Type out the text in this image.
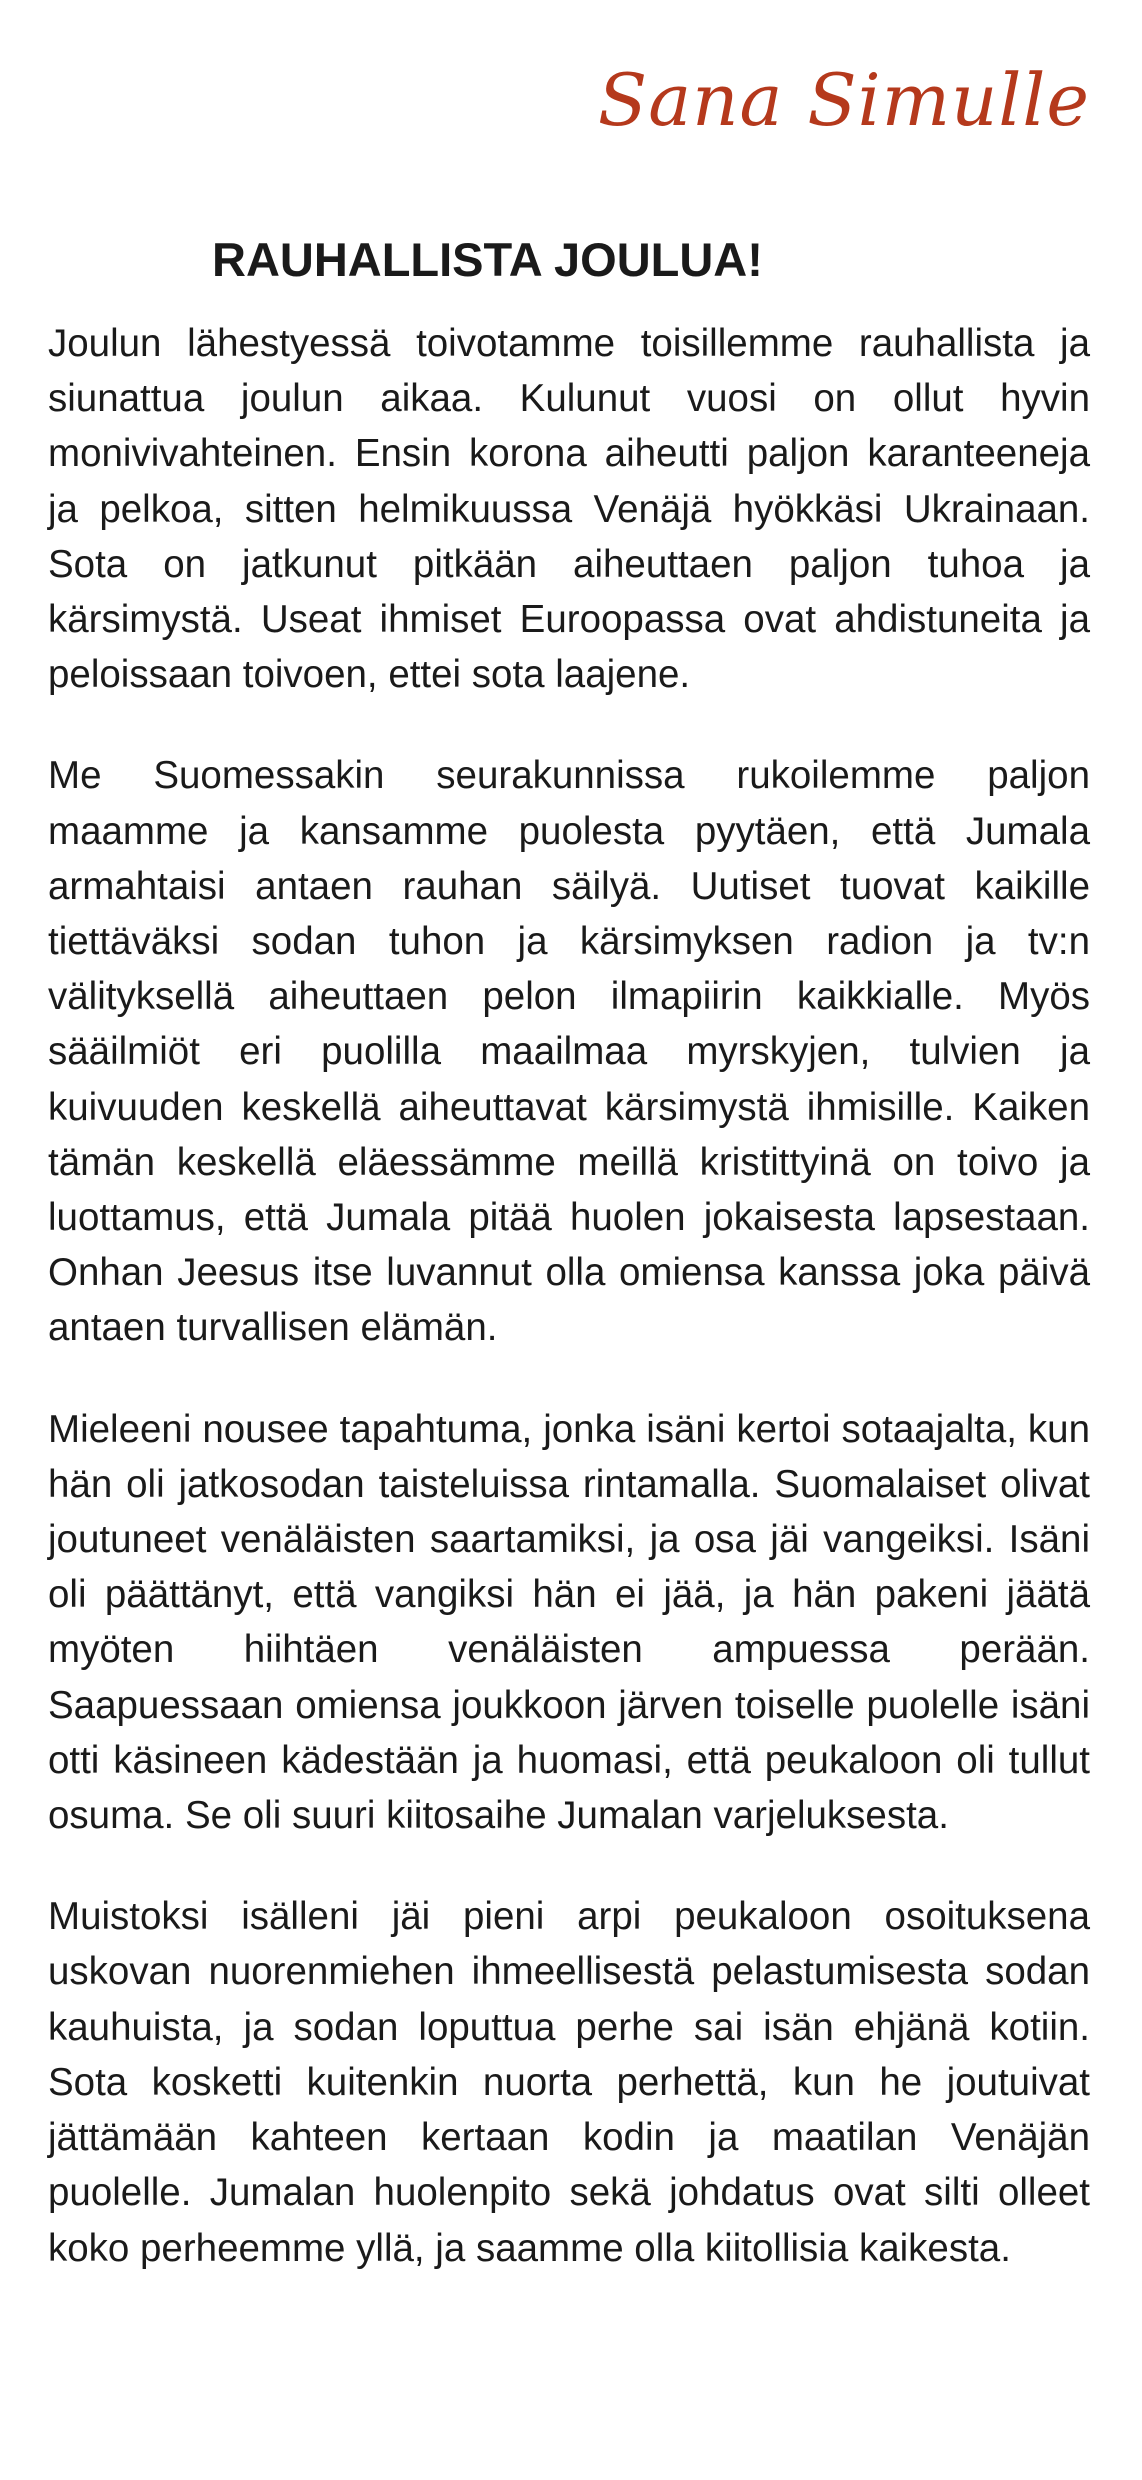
Sana Simulle
RAUHALLISTA JOULUA!

Joulun lähestyessä toivotamme toisillemme rauhallista ja siunattua joulun aikaa. Kulunut vuosi on ollut hyvin monivivahteinen. Ensin korona aiheutti paljon karanteeneja ja pelkoa, sitten helmikuussa Venäjä hyökkäsi Ukrainaan. Sota on jatkunut pitkään aiheuttaen paljon tuhoa ja kärsimystä. Useat ihmiset Euroopassa ovat ahdistuneita ja peloissaan toivoen, ettei sota laajene.

Me Suomessakin seurakunnissa rukoilemme paljon maamme ja kansamme puolesta pyytäen, että Jumala armahtaisi antaen rauhan säilyä. Uutiset tuovat kaikille tiettäväksi sodan tuhon ja kärsimyksen radion ja tv:n välityksellä aiheuttaen pelon ilmapiirin kaikkialle. Myös sääilmiöt eri puolilla maailmaa myrskyjen, tulvien ja kuivuuden keskellä aiheuttavat kärsimystä ihmisille. Kaiken tämän keskellä eläessämme meillä kristittyinä on toivo ja luottamus, että Jumala pitää huolen jokaisesta lapsestaan. Onhan Jeesus itse luvannut olla omiensa kanssa joka päivä antaen turvallisen elämän.

Mieleeni nousee tapahtuma, jonka isäni kertoi sotaajalta, kun hän oli jatkosodan taisteluissa rintamalla. Suomalaiset olivat joutuneet venäläisten saartamiksi, ja osa jäi vangeiksi. Isäni oli päättänyt, että vangiksi hän ei jää, ja hän pakeni jäätä myöten hiihtäen venäläisten ampuessa perään. Saapuessaan omiensa joukkoon järven toiselle puolelle isäni otti käsineen kädestään ja huomasi, että peukaloon oli tullut osuma. Se oli suuri kiitosaihe Jumalan varjeluksesta.

Muistoksi isälleni jäi pieni arpi peukaloon osoituksena uskovan nuorenmiehen ihmeellisestä pelastumisesta sodan kauhuista, ja sodan loputtua perhe sai isän ehjänä kotiin. Sota kosketti kuitenkin nuorta perhettä, kun he joutuivat jättämään kahteen kertaan kodin ja maatilan Venäjän puolelle. Jumalan huolenpito sekä johdatus ovat silti olleet koko perheemme yllä, ja saamme olla kiitollisia kaikesta.
